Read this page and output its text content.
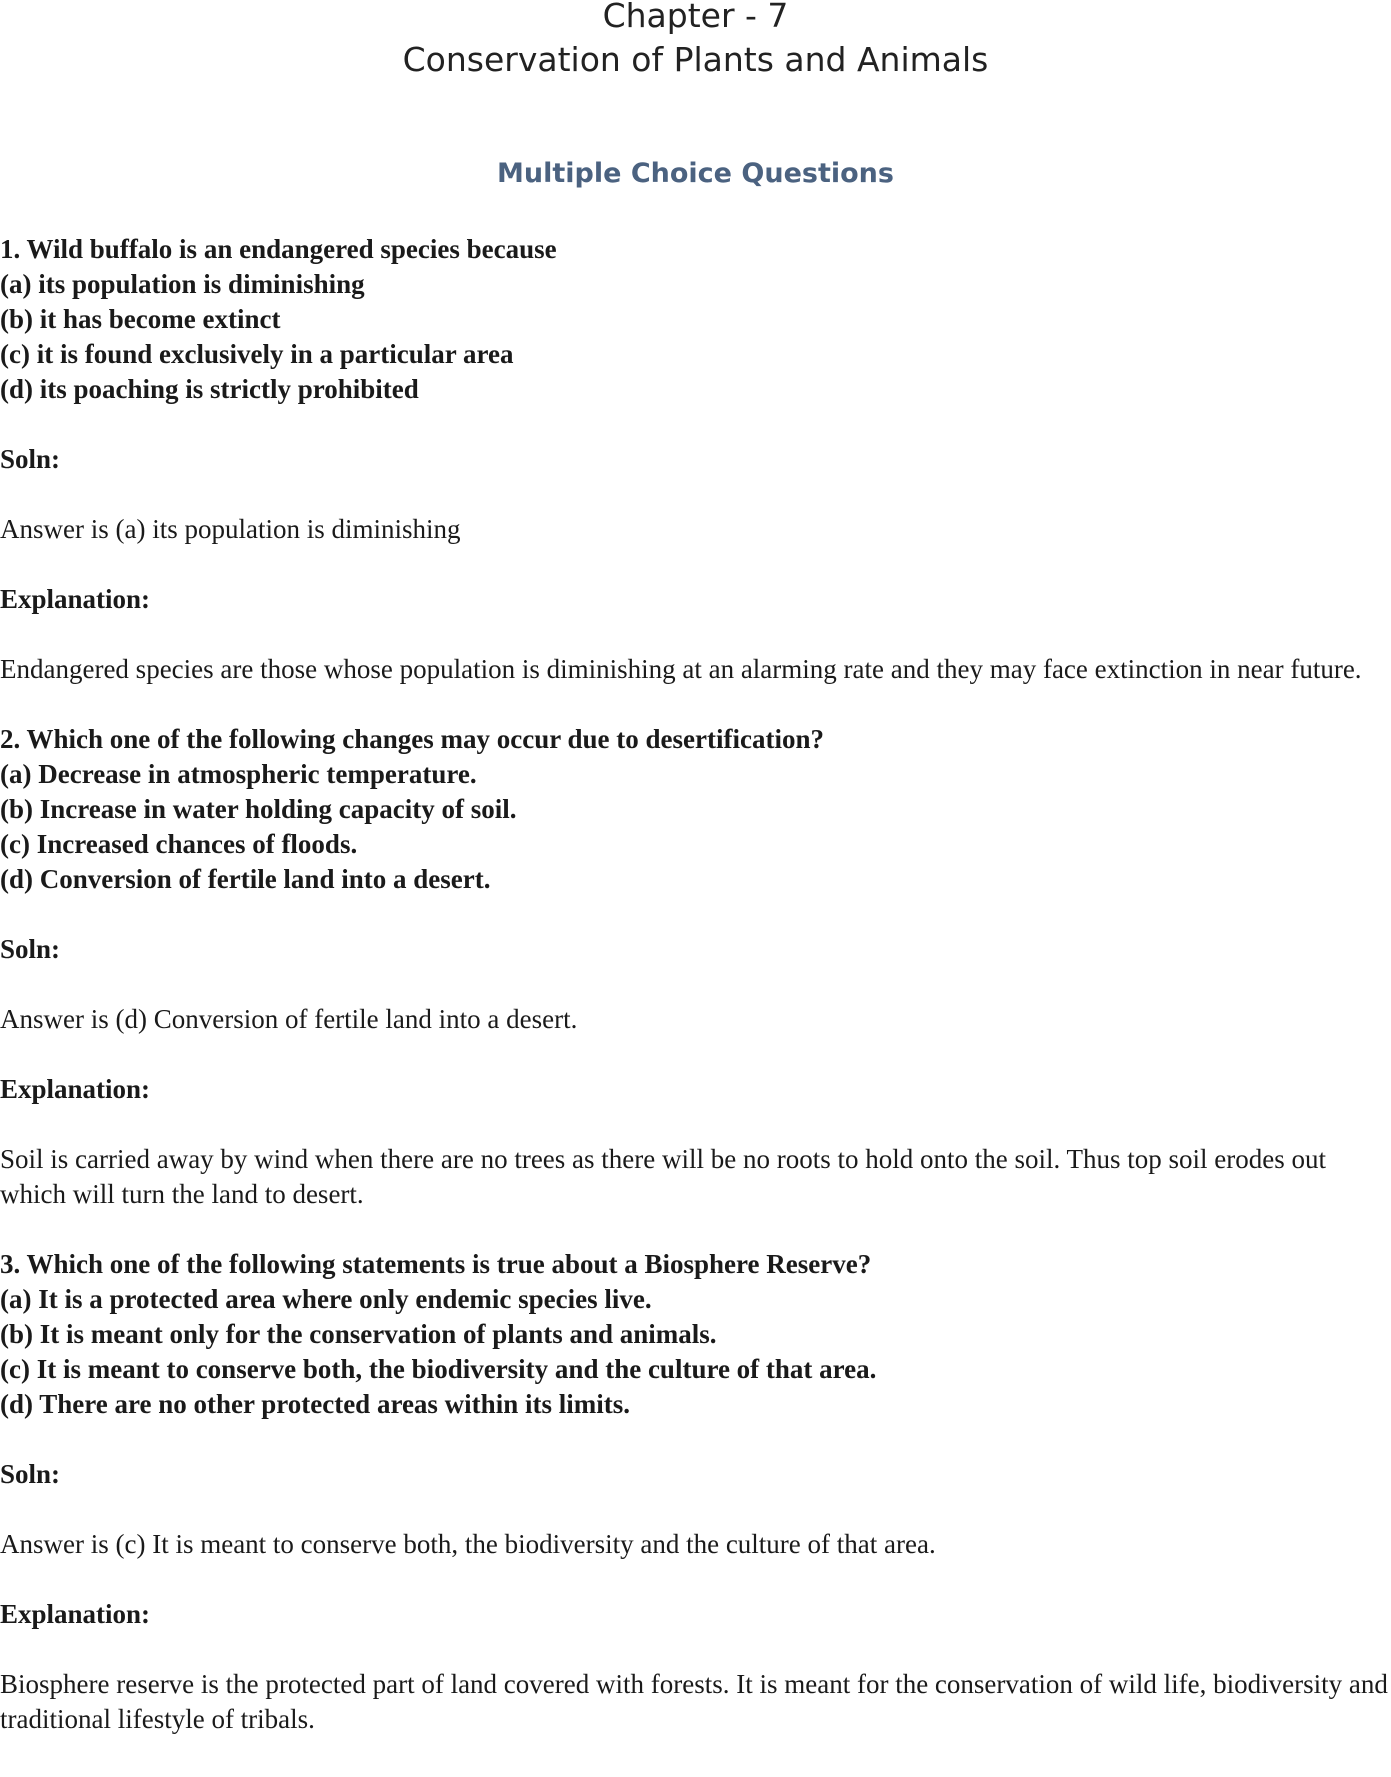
Chapter - 7
Conservation of Plants and Animals
Multiple Choice Questions

1. Wild buffalo is an endangered species because

(a) its population is diminishing

(b) it has become extinct

(c) it is found exclusively in a particular area

(d) its poaching is strictly prohibited

Soln:

Answer is (a) its population is diminishing

Explanation:

Endangered species are those whose population is diminishing at an alarming rate and they may face extinction in near future.

2. Which one of the following changes may occur due to desertification?

(a) Decrease in atmospheric temperature.

(b) Increase in water holding capacity of soil.

(c) Increased chances of floods.

(d) Conversion of fertile land into a desert.

Soln:

Answer is (d) Conversion of fertile land into a desert.

Explanation:

Soil is carried away by wind when there are no trees as there will be no roots to hold onto the soil. Thus top soil erodes out which will turn the land to desert.

3. Which one of the following statements is true about a Biosphere Reserve?

(a) It is a protected area where only endemic species live.

(b) It is meant only for the conservation of plants and animals.

(c) It is meant to conserve both, the biodiversity and the culture of that area.

(d) There are no other protected areas within its limits.

Soln:

Answer is (c) It is meant to conserve both, the biodiversity and the culture of that area.

Explanation:

Biosphere reserve is the protected part of land covered with forests. It is meant for the conservation of wild life, biodiversity and traditional lifestyle of tribals.
